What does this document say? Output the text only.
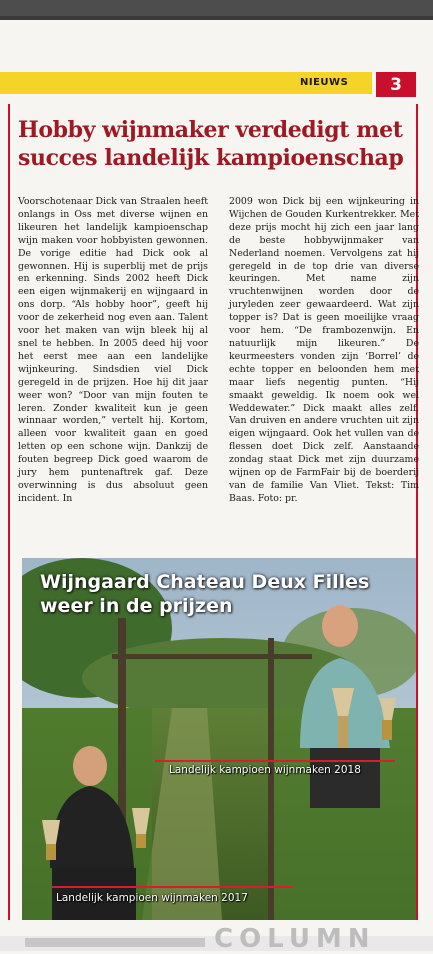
NIEUWS	3
Hobby wijnmaker verdedigt met
succes landelijk kampioenschap

Voorschotenaar Dick van Straalen heeft onlangs in Oss met diverse wijnen en likeuren het landelijk kampioenschap wijn maken voor hobbyisten gewonnen. De vorige editie had Dick ook al gewonnen. Hij is superblij met de prijs en erkenning. Sinds 2002 heeft Dick een eigen wijnmakerij en wijngaard in ons dorp. “Als hobby hoor”, geeft hij voor de zekerheid nog even aan. Talent voor het maken van wijn bleek hij al snel te hebben. In 2005 deed hij voor het eerst mee aan een landelijke wijnkeuring. Sindsdien viel Dick geregeld in de prijzen. Hoe hij dit jaar weer won? “Door van mijn fouten te leren. Zonder kwaliteit kun je geen winnaar worden,” vertelt hij. Kortom, alleen voor kwaliteit gaan en goed letten op een schone wijn. Dankzij de fouten begreep Dick goed waarom de jury hem puntenaftrek gaf. Deze overwinning is dus absoluut geen incident. In

2009 won Dick bij een wijnkeuring in Wijchen de Gouden Kurkentrekker. Met deze prijs mocht hij zich een jaar lang de beste hobbywijnmaker van Nederland noemen. Vervolgens zat hij geregeld in de top drie van diverse keuringen. Met name zijn vruchtenwijnen worden door de juryleden zeer gewaardeerd. Wat zijn topper is? Dat is geen moeilijke vraag voor hem. “De frambozenwijn. En natuurlijk mijn likeuren.” De keurmeesters vonden zijn ‘Borrel’ de echte topper en beloonden hem met maar liefs negentig punten. “Hij smaakt geweldig. Ik noem ook wel Weddewater.” Dick maakt alles zelf. Van druiven en andere vruchten uit zijn eigen wijngaard. Ook het vullen van de flessen doet Dick zelf. Aanstaande zondag staat Dick met zijn duurzame wijnen op de FarmFair bij de boerderij van de familie Van Vliet. Tekst: Tim Baas. Foto: pr.

Wijngaard Chateau Deux Filles
weer in de prijzen
Landelijk kampioen wijnmaken 2018
Landelijk kampioen wijnmaken 2017
COLUMN
